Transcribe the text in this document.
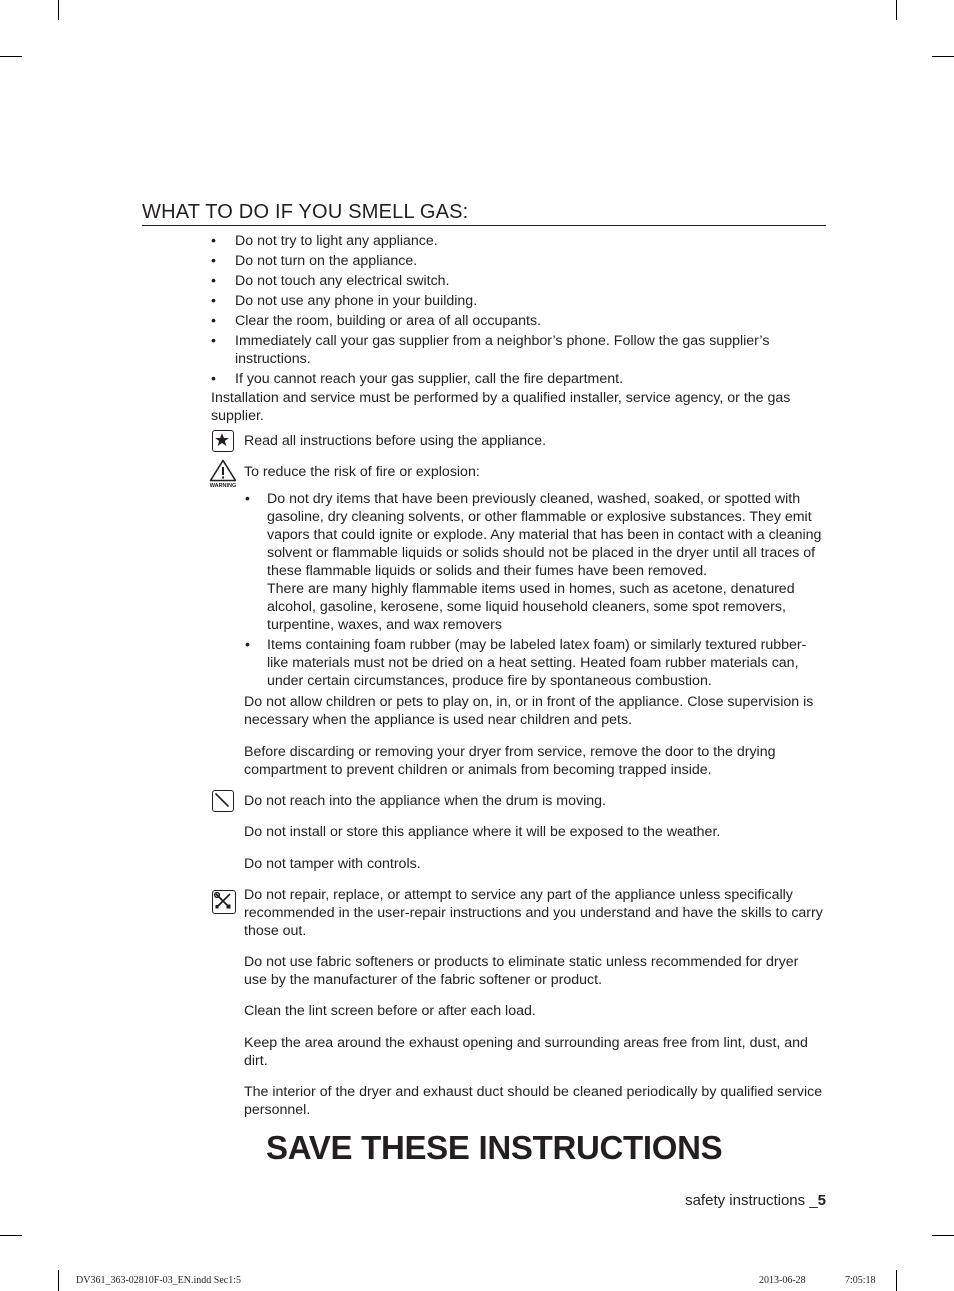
WHAT TO DO IF YOU SMELL GAS:
• Do not try to light any appliance.
• Do not turn on the appliance.
• Do not touch any electrical switch.
• Do not use any phone in your building.
• Clear the room, building or area of all occupants.
• Immediately call your gas supplier from a neighbor’s phone. Follow the gas supplier’s instructions.
• If you cannot reach your gas supplier, call the fire department.
Installation and service must be performed by a qualified installer, service agency, or the gas supplier.
Read all instructions before using the appliance.
WARNING
To reduce the risk of fire or explosion:
• Do not dry items that have been previously cleaned, washed, soaked, or spotted with gasoline, dry cleaning solvents, or other flammable or explosive substances. They emit vapors that could ignite or explode. Any material that has been in contact with a cleaning solvent or flammable liquids or solids should not be placed in the dryer until all traces of these flammable liquids or solids and their fumes have been removed.
There are many highly flammable items used in homes, such as acetone, denatured alcohol, gasoline, kerosene, some liquid household cleaners, some spot removers, turpentine, waxes, and wax removers
• Items containing foam rubber (may be labeled latex foam) or similarly textured rubber-like materials must not be dried on a heat setting. Heated foam rubber materials can, under certain circumstances, produce fire by spontaneous combustion.
Do not allow children or pets to play on, in, or in front of the appliance. Close supervision is necessary when the appliance is used near children and pets.
Before discarding or removing your dryer from service, remove the door to the drying compartment to prevent children or animals from becoming trapped inside.
Do not reach into the appliance when the drum is moving.
Do not install or store this appliance where it will be exposed to the weather.
Do not tamper with controls.
Do not repair, replace, or attempt to service any part of the appliance unless specifically recommended in the user-repair instructions and you understand and have the skills to carry those out.
Do not use fabric softeners or products to eliminate static unless recommended for dryer use by the manufacturer of the fabric softener or product.
Clean the lint screen before or after each load.
Keep the area around the exhaust opening and surrounding areas free from lint, dust, and dirt.
The interior of the dryer and exhaust duct should be cleaned periodically by qualified service personnel.
SAVE THESE INSTRUCTIONS
safety instructions _5
DV361_363-02810F-03_EN.indd Sec1:5	2013-06-28	7:05:18
